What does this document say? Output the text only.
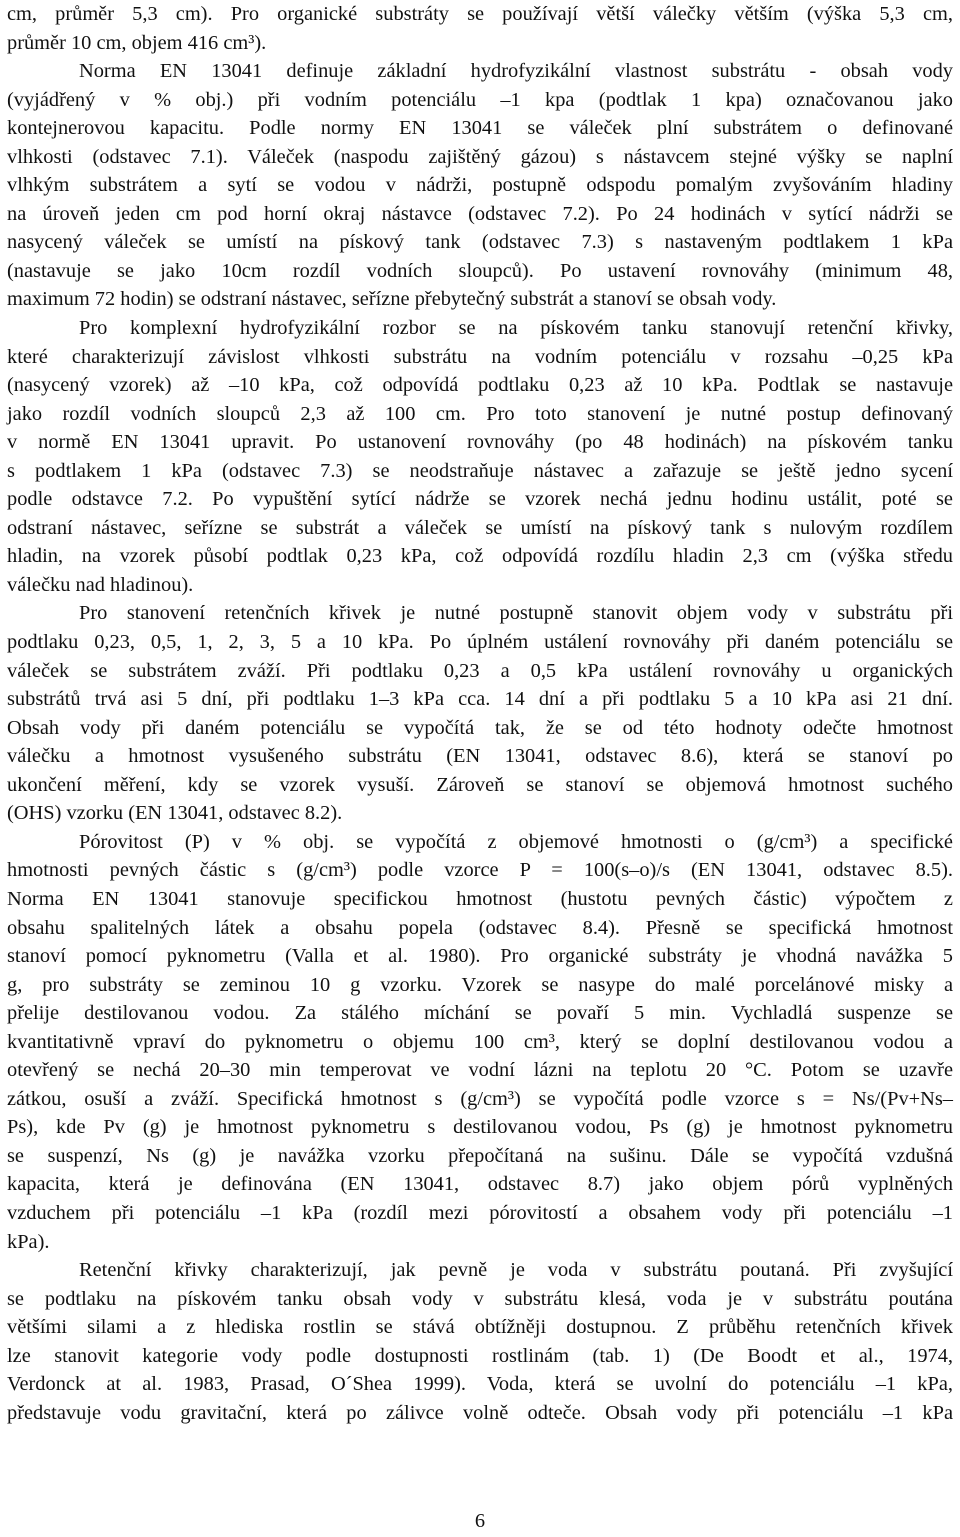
cm, průměr 5,3 cm). Pro organické substráty se používají větší válečky větším (výška 5,3 cm,
průměr 10 cm, objem 416 cm³).

Norma EN 13041 definuje základní hydrofyzikální vlastnost substrátu - obsah vody
(vyjádřený v % obj.) při vodním potenciálu –1 kpa (podtlak 1 kpa) označovanou jako
kontejnerovou kapacitu. Podle normy EN 13041 se váleček plní substrátem o definované
vlhkosti (odstavec 7.1). Váleček (naspodu zajištěný gázou) s nástavcem stejné výšky se naplní
vlhkým substrátem a sytí se vodou v nádrži, postupně odspodu pomalým zvyšováním hladiny
na úroveň jeden cm pod horní okraj nástavce (odstavec 7.2). Po 24 hodinách v sytící nádrži se
nasycený váleček se umístí na pískový tank (odstavec 7.3) s nastaveným podtlakem 1 kPa
(nastavuje se jako 10cm rozdíl vodních sloupců). Po ustavení rovnováhy (minimum 48,
maximum 72 hodin) se odstraní nástavec, seřízne přebytečný substrát a stanoví se obsah vody.

Pro komplexní hydrofyzikální rozbor se na pískovém tanku stanovují retenční křivky,
které charakterizují závislost vlhkosti substrátu na vodním potenciálu v rozsahu –0,25 kPa
(nasycený vzorek) až –10 kPa, což odpovídá podtlaku 0,23 až 10 kPa. Podtlak se nastavuje
jako rozdíl vodních sloupců 2,3 až 100 cm. Pro toto stanovení je nutné postup definovaný
v normě EN 13041 upravit. Po ustanovení rovnováhy (po 48 hodinách) na pískovém tanku
s podtlakem 1 kPa (odstavec 7.3) se neodstraňuje nástavec a zařazuje se ještě jedno sycení
podle odstavce 7.2. Po vypuštění sytící nádrže se vzorek nechá jednu hodinu ustálit, poté se
odstraní nástavec, seřízne se substrát a váleček se umístí na pískový tank s nulovým rozdílem
hladin, na vzorek působí podtlak 0,23 kPa, což odpovídá rozdílu hladin 2,3 cm (výška středu
válečku nad hladinou).

Pro stanovení retenčních křivek je nutné postupně stanovit objem vody v substrátu při
podtlaku 0,23, 0,5, 1, 2, 3, 5 a 10 kPa. Po úplném ustálení rovnováhy při daném potenciálu se
váleček se substrátem zváží. Při podtlaku 0,23 a 0,5 kPa ustálení rovnováhy u organických
substrátů trvá asi 5 dní, při podtlaku 1–3 kPa cca. 14 dní a při podtlaku 5 a 10 kPa asi 21 dní.
Obsah vody při daném potenciálu se vypočítá tak, že se od této hodnoty odečte hmotnost
válečku a hmotnost vysušeného substrátu (EN 13041, odstavec 8.6), která se stanoví po
ukončení měření, kdy se vzorek vysuší. Zároveň se stanoví se objemová hmotnost suchého
(OHS) vzorku (EN 13041, odstavec 8.2).

Pórovitost (P) v % obj. se vypočítá z objemové hmotnosti o (g/cm³) a specifické
hmotnosti pevných částic s (g/cm³) podle vzorce P = 100(s–o)/s (EN 13041, odstavec 8.5).
Norma EN 13041 stanovuje specifickou hmotnost (hustotu pevných částic) výpočtem z
obsahu spalitelných látek a obsahu popela (odstavec 8.4). Přesně se specifická hmotnost
stanoví pomocí pyknometru (Valla et al. 1980). Pro organické substráty je vhodná navážka 5
g, pro substráty se zeminou 10 g vzorku. Vzorek se nasype do malé porcelánové misky a
přelije destilovanou vodou. Za stálého míchání se povaří 5 min. Vychladlá suspenze se
kvantitativně vpraví do pyknometru o objemu 100 cm³, který se doplní destilovanou vodou a
otevřený se nechá 20–30 min temperovat ve vodní lázni na teplotu 20 °C. Potom se uzavře
zátkou, osuší a zváží. Specifická hmotnost s (g/cm³) se vypočítá podle vzorce s = Ns/(Pv+Ns–
Ps), kde Pv (g) je hmotnost pyknometru s destilovanou vodou, Ps (g) je hmotnost pyknometru
se suspenzí, Ns (g) je navážka vzorku přepočítaná na sušinu. Dále se vypočítá vzdušná
kapacita, která je definována (EN 13041, odstavec 8.7) jako objem pórů vyplněných
vzduchem při potenciálu –1 kPa (rozdíl mezi pórovitostí a obsahem vody při potenciálu –1
kPa).

Retenční křivky charakterizují, jak pevně je voda v substrátu poutaná. Při zvyšující
se podtlaku na pískovém tanku obsah vody v substrátu klesá, voda je v substrátu poutána
většími silami a z hlediska rostlin se stává obtížněji dostupnou. Z průběhu retenčních křivek
lze stanovit kategorie vody podle dostupnosti rostlinám (tab. 1) (De Boodt et al., 1974,
Verdonck at al. 1983, Prasad, O´Shea 1999). Voda, která se uvolní do potenciálu –1 kPa,
představuje vodu gravitační, která po zálivce volně odteče. Obsah vody při potenciálu –1 kPa

6
